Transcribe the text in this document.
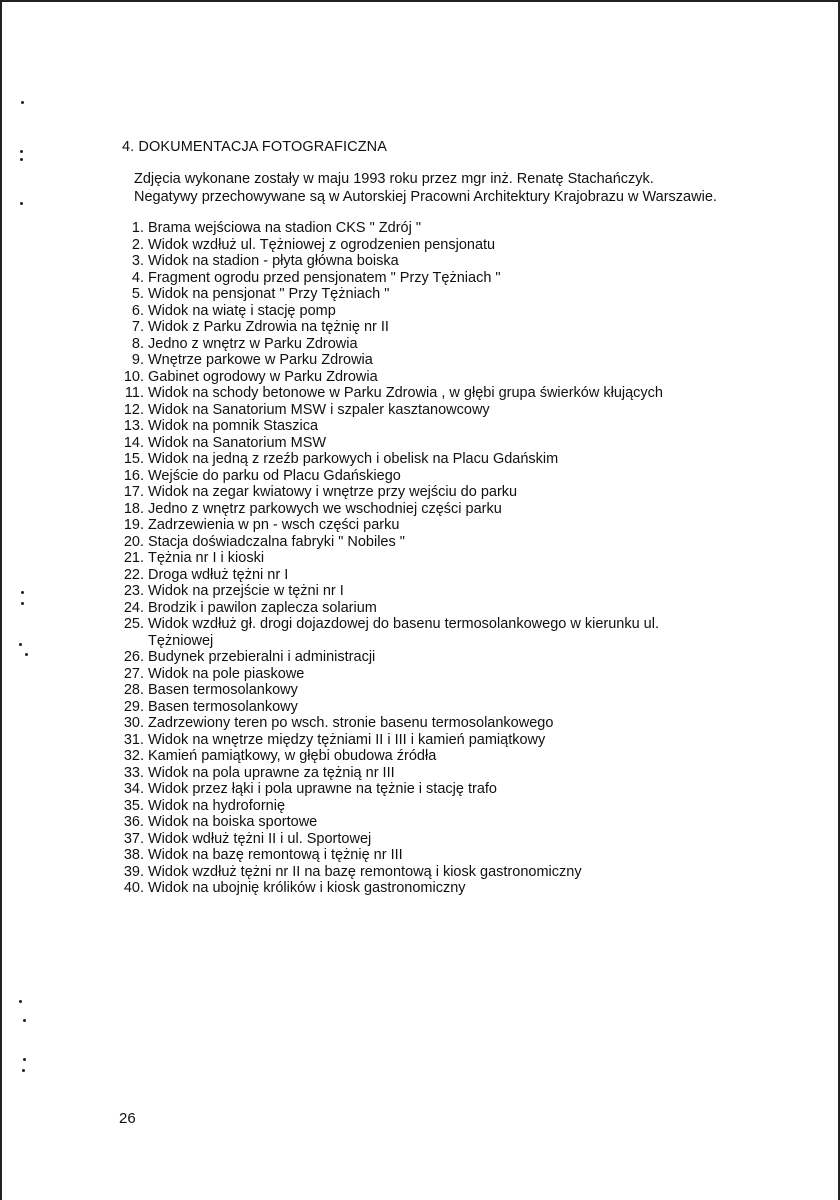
4. DOKUMENTACJA FOTOGRAFICZNA
Zdjęcia wykonane zostały w maju 1993 roku przez mgr inż. Renatę Stachańczyk.
Negatywy przechowywane są w Autorskiej Pracowni Architektury Krajobrazu w Warszawie.
1. Brama wejściowa na stadion CKS " Zdrój "
2. Widok wzdłuż ul. Tężniowej z ogrodzenien pensjonatu
3. Widok na stadion - płyta główna boiska
4. Fragment ogrodu przed pensjonatem " Przy Tężniach "
5. Widok na pensjonat " Przy Tężniach "
6. Widok na wiatę i stację pomp
7. Widok z Parku Zdrowia na tężnię nr II
8. Jedno z wnętrz w Parku Zdrowia
9. Wnętrze parkowe w Parku Zdrowia
10. Gabinet ogrodowy w Parku Zdrowia
11. Widok na schody betonowe w Parku Zdrowia , w głębi grupa świerków kłujących
12. Widok na Sanatorium MSW i szpaler kasztanowcowy
13. Widok na pomnik Staszica
14. Widok na Sanatorium MSW
15. Widok na jedną z rzeźb parkowych i obelisk na Placu Gdańskim
16. Wejście do parku od Placu Gdańskiego
17. Widok na zegar kwiatowy i wnętrze przy wejściu do parku
18. Jedno z wnętrz parkowych we wschodniej części parku
19. Zadrzewienia w pn - wsch części parku
20. Stacja doświadczalna fabryki " Nobiles "
21. Tężnia nr I i kioski
22. Droga wdłuż tężni nr I
23. Widok na przejście w tężni nr I
24. Brodzik i pawilon zaplecza solarium
25. Widok wzdłuż gł. drogi dojazdowej do basenu termosolankowego w kierunku ul. Tężniowej
26. Budynek przebieralni i administracji
27. Widok na pole piaskowe
28. Basen termosolankowy
29. Basen termosolankowy
30. Zadrzewiony teren po wsch. stronie basenu termosolankowego
31. Widok na wnętrze między tężniami II i III i kamień pamiątkowy
32. Kamień pamiątkowy, w głębi obudowa źródła
33. Widok na pola uprawne za tężnią nr III
34. Widok przez łąki i pola uprawne na tężnie i stację trafo
35. Widok na hydrofornię
36. Widok na boiska sportowe
37. Widok wdłuż tężni II i ul. Sportowej
38. Widok na bazę remontową i tężnię nr III
39. Widok wzdłuż tężni nr II na bazę remontową i kiosk gastronomiczny
40. Widok na ubojnię królików i kiosk gastronomiczny
26
